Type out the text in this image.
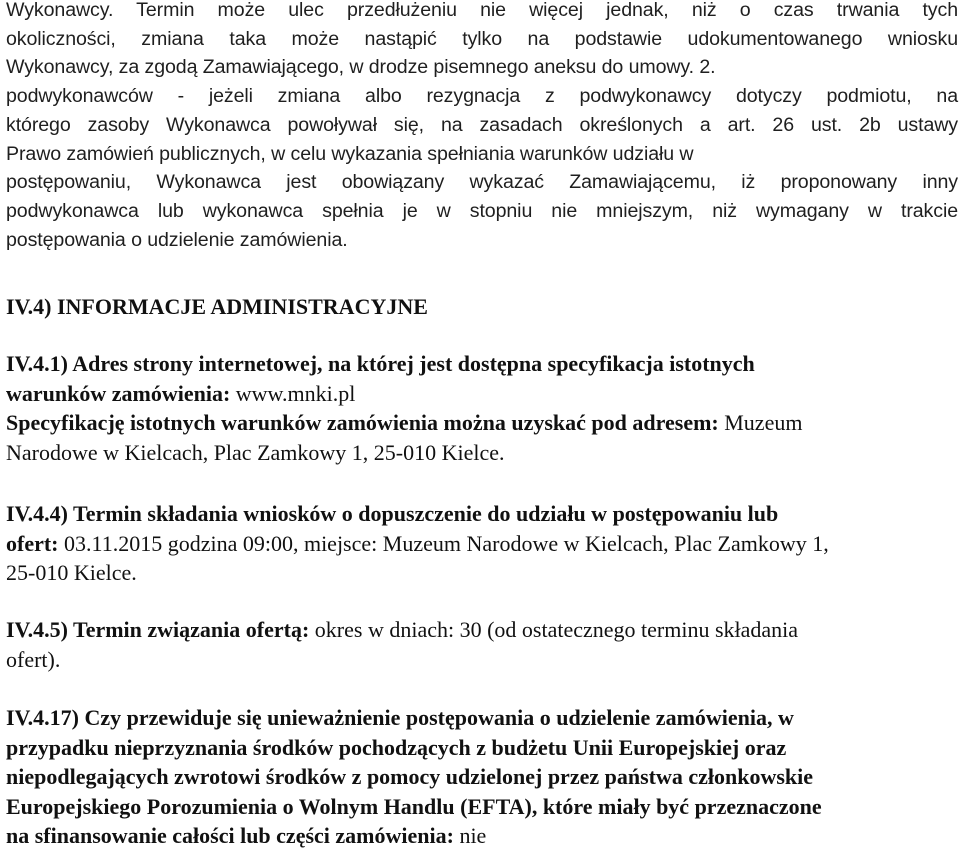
Wykonawcy. Termin może ulec przedłużeniu nie więcej jednak, niż o czas trwania tych
okoliczności, zmiana taka może nastąpić tylko na podstawie udokumentowanego wniosku
Wykonawcy, za zgodą Zamawiającego, w drodze pisemnego aneksu do umowy. 2.
podwykonawców - jeżeli zmiana albo rezygnacja z podwykonawcy dotyczy podmiotu, na
którego zasoby Wykonawca powoływał się, na zasadach określonych a art. 26 ust. 2b ustawy
Prawo zamówień publicznych, w celu wykazania spełniania warunków udziału w
postępowaniu, Wykonawca jest obowiązany wykazać Zamawiającemu, iż proponowany inny
podwykonawca lub wykonawca spełnia je w stopniu nie mniejszym, niż wymagany w trakcie
postępowania o udzielenie zamówienia.
IV.4) INFORMACJE ADMINISTRACYJNE
IV.4.1) Adres strony internetowej, na której jest dostępna specyfikacja istotnych
warunków zamówienia: www.mnki.pl
Specyfikację istotnych warunków zamówienia można uzyskać pod adresem: Muzeum
Narodowe w Kielcach, Plac Zamkowy 1, 25-010 Kielce.
IV.4.4) Termin składania wniosków o dopuszczenie do udziału w postępowaniu lub
ofert: 03.11.2015 godzina 09:00, miejsce: Muzeum Narodowe w Kielcach, Plac Zamkowy 1,
25-010 Kielce.
IV.4.5) Termin związania ofertą: okres w dniach: 30 (od ostatecznego terminu składania
ofert).
IV.4.17) Czy przewiduje się unieważnienie postępowania o udzielenie zamówienia, w
przypadku nieprzyznania środków pochodzących z budżetu Unii Europejskiej oraz
niepodlegających zwrotowi środków z pomocy udzielonej przez państwa członkowskie
Europejskiego Porozumienia o Wolnym Handlu (EFTA), które miały być przeznaczone
na sfinansowanie całości lub części zamówienia: nie
